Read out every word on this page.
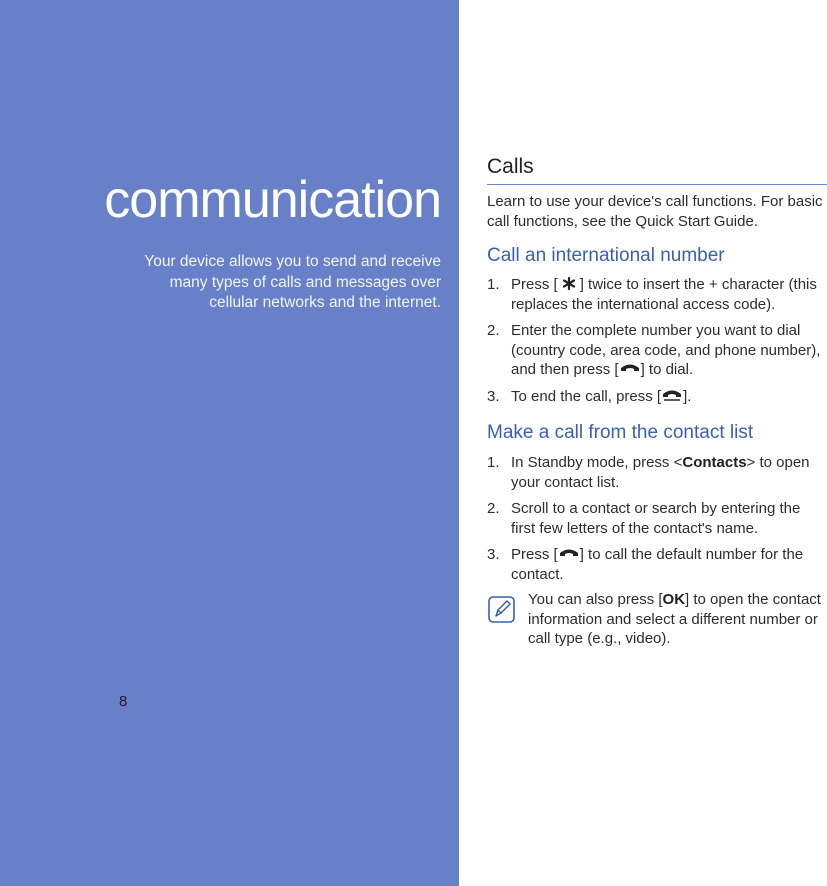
communication

Your device allows you to send and receive
many types of calls and messages over
cellular networks and the internet.

8
Calls

Learn to use your device's call functions. For basic call functions, see the Quick Start Guide.

Call an international number
1. Press [ ] twice to insert the + character (this replaces the international access code).
2. Enter the complete number you want to dial (country code, area code, and phone number), and then press [ ] to dial.
3. To end the call, press [ ].
Make a call from the contact list
1. In Standby mode, press <Contacts> to open your contact list.
2. Scroll to a contact or search by entering the first few letters of the contact's name.
3. Press [ ] to call the default number for the contact.

You can also press [OK] to open the contact information and select a different number or call type (e.g., video).
